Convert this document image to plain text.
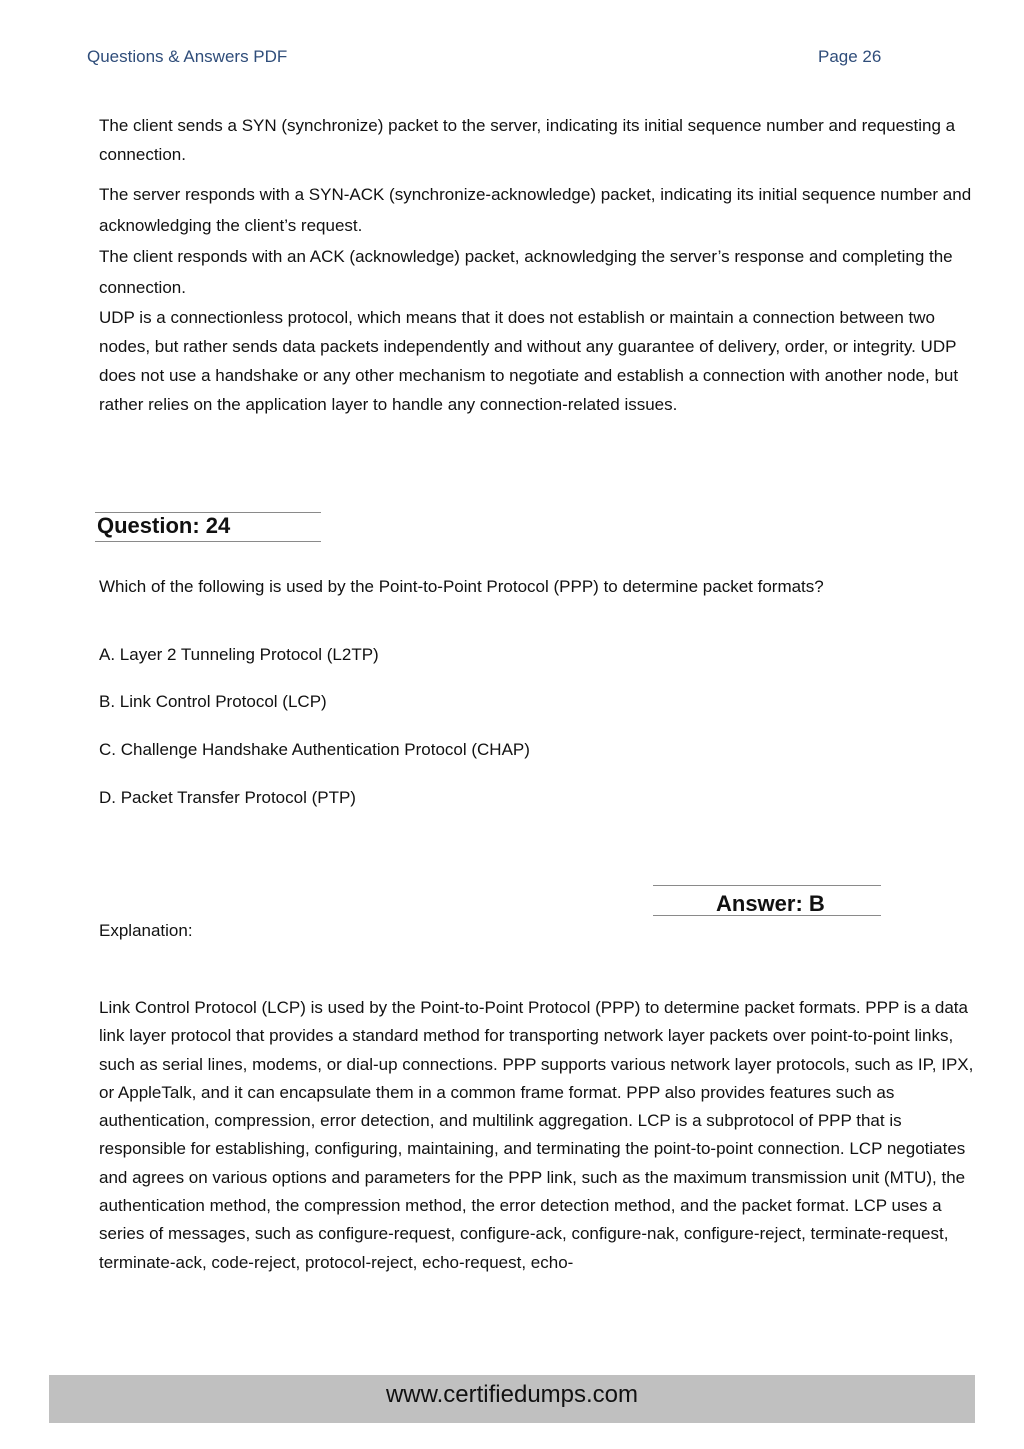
Questions & Answers PDF	Page 26

The client sends a SYN (synchronize) packet to the server, indicating its initial sequence number and requesting a connection.

The server responds with a SYN-ACK (synchronize-acknowledge) packet, indicating its initial sequence number and acknowledging the client’s request.

The client responds with an ACK (acknowledge) packet, acknowledging the server’s response and completing the connection.

UDP is a connectionless protocol, which means that it does not establish or maintain a connection between two nodes, but rather sends data packets independently and without any guarantee of delivery, order, or integrity. UDP does not use a handshake or any other mechanism to negotiate and establish a connection with another node, but rather relies on the application layer to handle any connection-related issues.

Question: 24
Which of the following is used by the Point-to-Point Protocol (PPP) to determine packet formats?
A. Layer 2 Tunneling Protocol (L2TP)
B. Link Control Protocol (LCP)
C. Challenge Handshake Authentication Protocol (CHAP)
D. Packet Transfer Protocol (PTP)
Answer: B
Explanation:

Link Control Protocol (LCP) is used by the Point-to-Point Protocol (PPP) to determine packet formats. PPP is a data link layer protocol that provides a standard method for transporting network layer packets over point-to-point links, such as serial lines, modems, or dial-up connections. PPP supports various network layer protocols, such as IP, IPX, or AppleTalk, and it can encapsulate them in a common frame format. PPP also provides features such as authentication, compression, error detection, and multilink aggregation. LCP is a subprotocol of PPP that is responsible for establishing, configuring, maintaining, and terminating the point-to-point connection. LCP negotiates and agrees on various options and parameters for the PPP link, such as the maximum transmission unit (MTU), the authentication method, the compression method, the error detection method, and the packet format. LCP uses a series of messages, such as configure-request, configure-ack, configure-nak, configure-reject, terminate-request, terminate-ack, code-reject, protocol-reject, echo-request, echo-

www.certifiedumps.com
